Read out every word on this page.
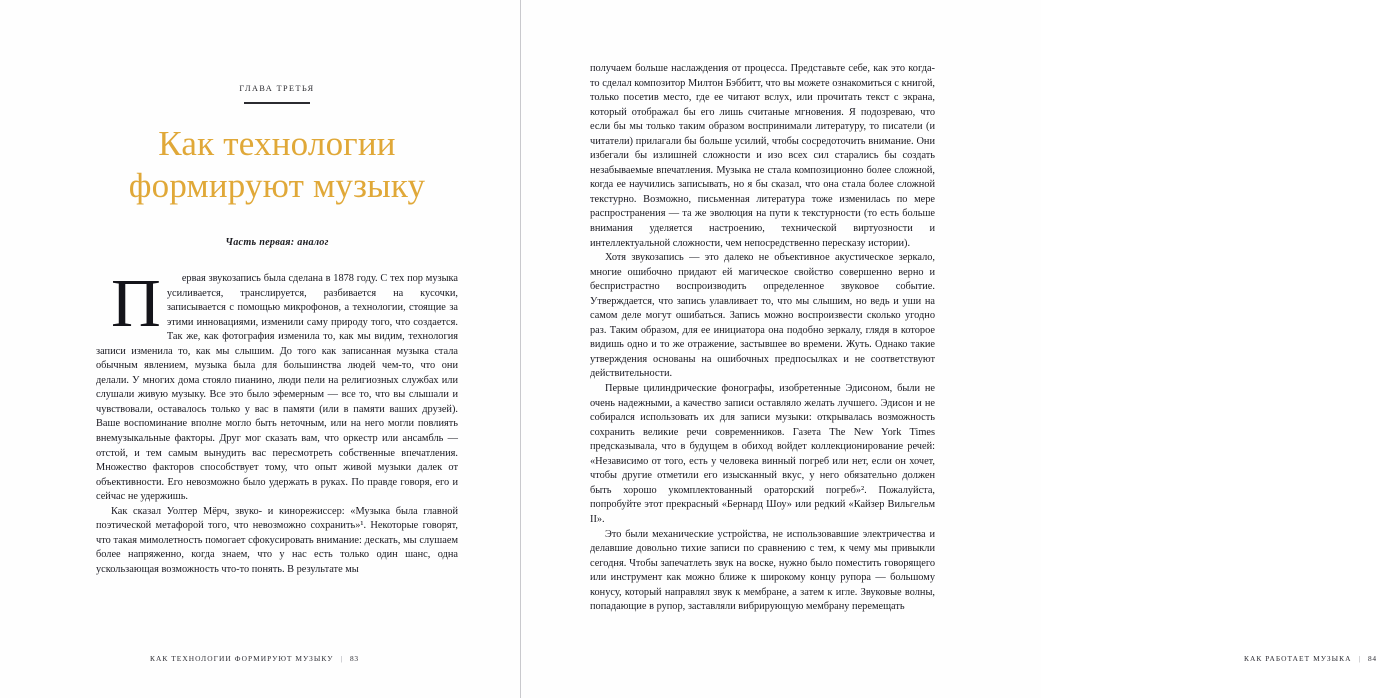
ГЛАВА ТРЕТЬЯ
Как технологии
формируют музыку
Часть первая: аналог

П	ервая звукозапись была сделана в 1878 году. С тех пор музыка усиливается, транслируется, разбивается на кусочки, записывается с помощью микрофонов, а технологии, стоящие за этими инновациями, изменили саму природу того, что создается. Так же, как фотография изменила то, как мы видим, технология записи изменила то, как мы слышим. До того как записанная музыка стала обычным явлением, музыка была для большинства людей чем-то, что они делали. У многих дома стояло пианино, люди пели на религиозных службах или слушали живую музыку. Все это было эфемерным — все то, что вы слышали и чувствовали, оставалось только у вас в памяти (или в памяти ваших друзей). Ваше воспоминание вполне могло быть неточным, или на него могли повлиять внемузыкальные факторы. Друг мог сказать вам, что оркестр или ансамбль — отстой, и тем самым вынудить вас пересмотреть собственные впечатления. Множество факторов способствует тому, что опыт живой музыки далек от объективности. Его невозможно было удержать в руках. По правде говоря, его и сейчас не удержишь.

Как сказал Уолтер Мёрч, звуко- и кинорежиссер: «Музыка была главной поэтической метафорой того, что невозможно сохранить»¹. Некоторые говорят, что такая мимолетность помогает сфокусировать внимание: дескать, мы слушаем более напряженно, когда знаем, что у нас есть только один шанс, одна ускользающая возможность что-то понять. В результате мы

КАК ТЕХНОЛОГИИ ФОРМИРУЮТ МУЗЫКУ | 83

получаем больше наслаждения от процесса. Представьте себе, как это когда-то сделал композитор Милтон Бэббитт, что вы можете ознакомиться с книгой, только посетив место, где ее читают вслух, или прочитать текст с экрана, который отображал бы его лишь считаные мгновения. Я подозреваю, что если бы мы только таким образом воспринимали литературу, то писатели (и читатели) прилагали бы больше усилий, чтобы сосредоточить внимание. Они избегали бы излишней сложности и изо всех сил старались бы создать незабываемые впечатления. Музыка не стала композиционно более сложной, когда ее научились записывать, но я бы сказал, что она стала более сложной текстурно. Возможно, письменная литература тоже изменилась по мере распространения — та же эволюция на пути к текстурности (то есть больше внимания уделяется настроению, технической виртуозности и интеллектуальной сложности, чем непосредственно пересказу истории).

Хотя звукозапись — это далеко не объективное акустическое зеркало, многие ошибочно придают ей магическое свойство совершенно верно и беспристрастно воспроизводить определенное звуковое событие. Утверждается, что запись улавливает то, что мы слышим, но ведь и уши на самом деле могут ошибаться. Запись можно воспроизвести сколько угодно раз. Таким образом, для ее инициатора она подобно зеркалу, глядя в которое видишь одно и то же отражение, застывшее во времени. Жуть. Однако такие утверждения основаны на ошибочных предпосылках и не соответствуют действительности.

Первые цилиндрические фонографы, изобретенные Эдисоном, были не очень надежными, а качество записи оставляло желать лучшего. Эдисон и не собирался использовать их для записи музыки: открывалась возможность сохранить великие речи современников. Газета The New York Times предсказывала, что в будущем в обиход войдет коллекционирование речей: «Независимо от того, есть у человека винный погреб или нет, если он хочет, чтобы другие отметили его изысканный вкус, у него обязательно должен быть хорошо укомплектованный ораторский погреб»². Пожалуйста, попробуйте этот прекрасный «Бернард Шоу» или редкий «Кайзер Вильгельм II».

Это были механические устройства, не использовавшие электричества и делавшие довольно тихие записи по сравнению с тем, к чему мы привыкли сегодня. Чтобы запечатлеть звук на воске, нужно было поместить говорящего или инструмент как можно ближе к широкому концу рупора — большому конусу, который направлял звук к мембране, а затем к игле. Звуковые волны, попадающие в рупор, заставляли вибрирующую мембрану перемещать

КАК РАБОТАЕТ МУЗЫКА | 84
